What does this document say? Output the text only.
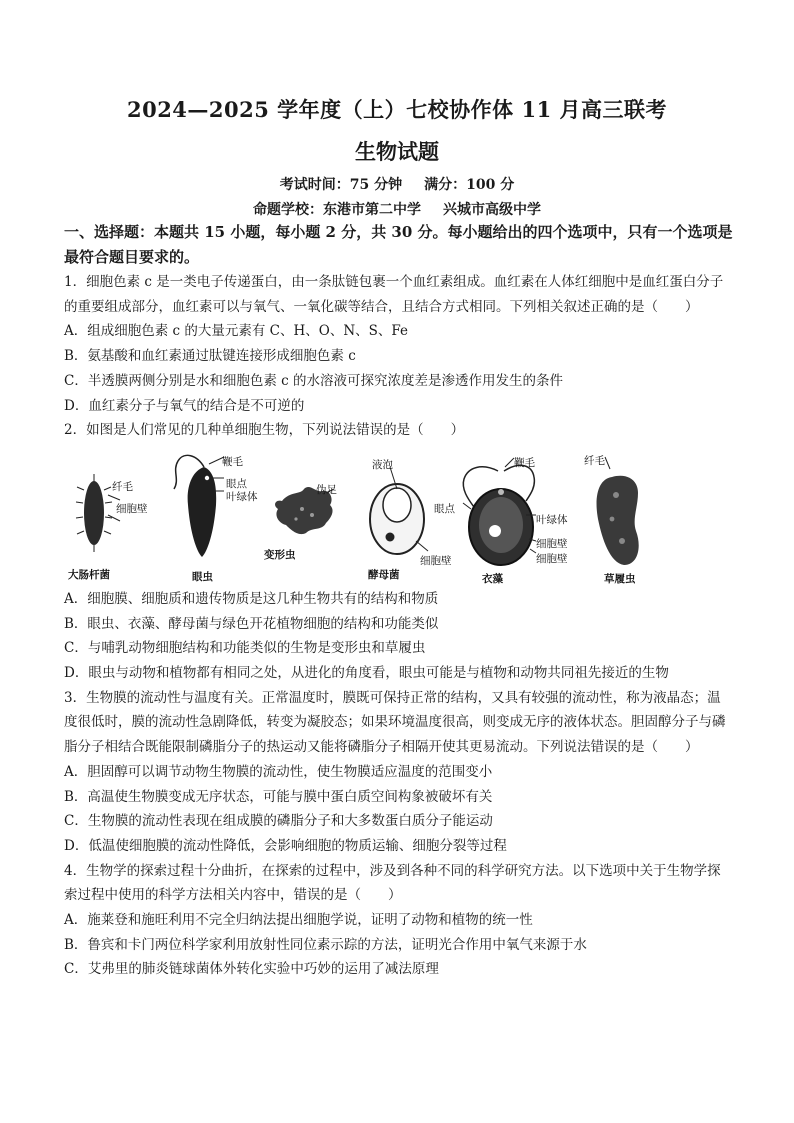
2024—2025 学年度（上）七校协作体 11 月高三联考
生物试题
考试时间：75 分钟 满分：100 分
命题学校：东港市第二中学 兴城市高级中学
一、选择题：本题共 15 小题，每小题 2 分，共 30 分。每小题给出的四个选项中，只有一个选项是最符合题目要求的。
1．细胞色素 c 是一类电子传递蛋白，由一条肽链包裹一个血红素组成。血红素在人体红细胞中是血红蛋白分子的重要组成部分，血红素可以与氧气、一氧化碳等结合，且结合方式相同。下列相关叙述正确的是（　　）
A．组成细胞色素 c 的大量元素有 C、H、O、N、S、Fe
B．氨基酸和血红素通过肽键连接形成细胞色素 c
C．半透膜两侧分别是水和细胞色素 c 的水溶液可探究浓度差是渗透作用发生的条件
D．血红素分子与氧气的结合是不可逆的
2．如图是人们常见的几种单细胞生物，下列说法错误的是（　　）
纤毛
细胞壁
大肠杆菌
鞭毛
眼点
叶绿体
眼虫
伪足
变形虫
液泡
细胞壁
酵母菌
鞭毛
眼点
叶绿体
细胞壁
细胞壁
衣藻
纤毛
草履虫
A．细胞膜、细胞质和遗传物质是这几种生物共有的结构和物质
B．眼虫、衣藻、酵母菌与绿色开花植物细胞的结构和功能类似
C．与哺乳动物细胞结构和功能类似的生物是变形虫和草履虫
D．眼虫与动物和植物都有相同之处，从进化的角度看，眼虫可能是与植物和动物共同祖先接近的生物
3．生物膜的流动性与温度有关。正常温度时，膜既可保持正常的结构，又具有较强的流动性，称为液晶态；温度很低时，膜的流动性急剧降低，转变为凝胶态；如果环境温度很高，则变成无序的液体状态。胆固醇分子与磷脂分子相结合既能限制磷脂分子的热运动又能将磷脂分子相隔开使其更易流动。下列说法错误的是（　　）
A．胆固醇可以调节动物生物膜的流动性，使生物膜适应温度的范围变小
B．高温使生物膜变成无序状态，可能与膜中蛋白质空间构象被破坏有关
C．生物膜的流动性表现在组成膜的磷脂分子和大多数蛋白质分子能运动
D．低温使细胞膜的流动性降低，会影响细胞的物质运输、细胞分裂等过程
4．生物学的探索过程十分曲折，在探索的过程中，涉及到各种不同的科学研究方法。以下选项中关于生物学探索过程中使用的科学方法相关内容中，错误的是（　　）
A．施莱登和施旺利用不完全归纳法提出细胞学说，证明了动物和植物的统一性
B．鲁宾和卡门两位科学家利用放射性同位素示踪的方法，证明光合作用中氧气来源于水
C．艾弗里的肺炎链球菌体外转化实验中巧妙的运用了减法原理
